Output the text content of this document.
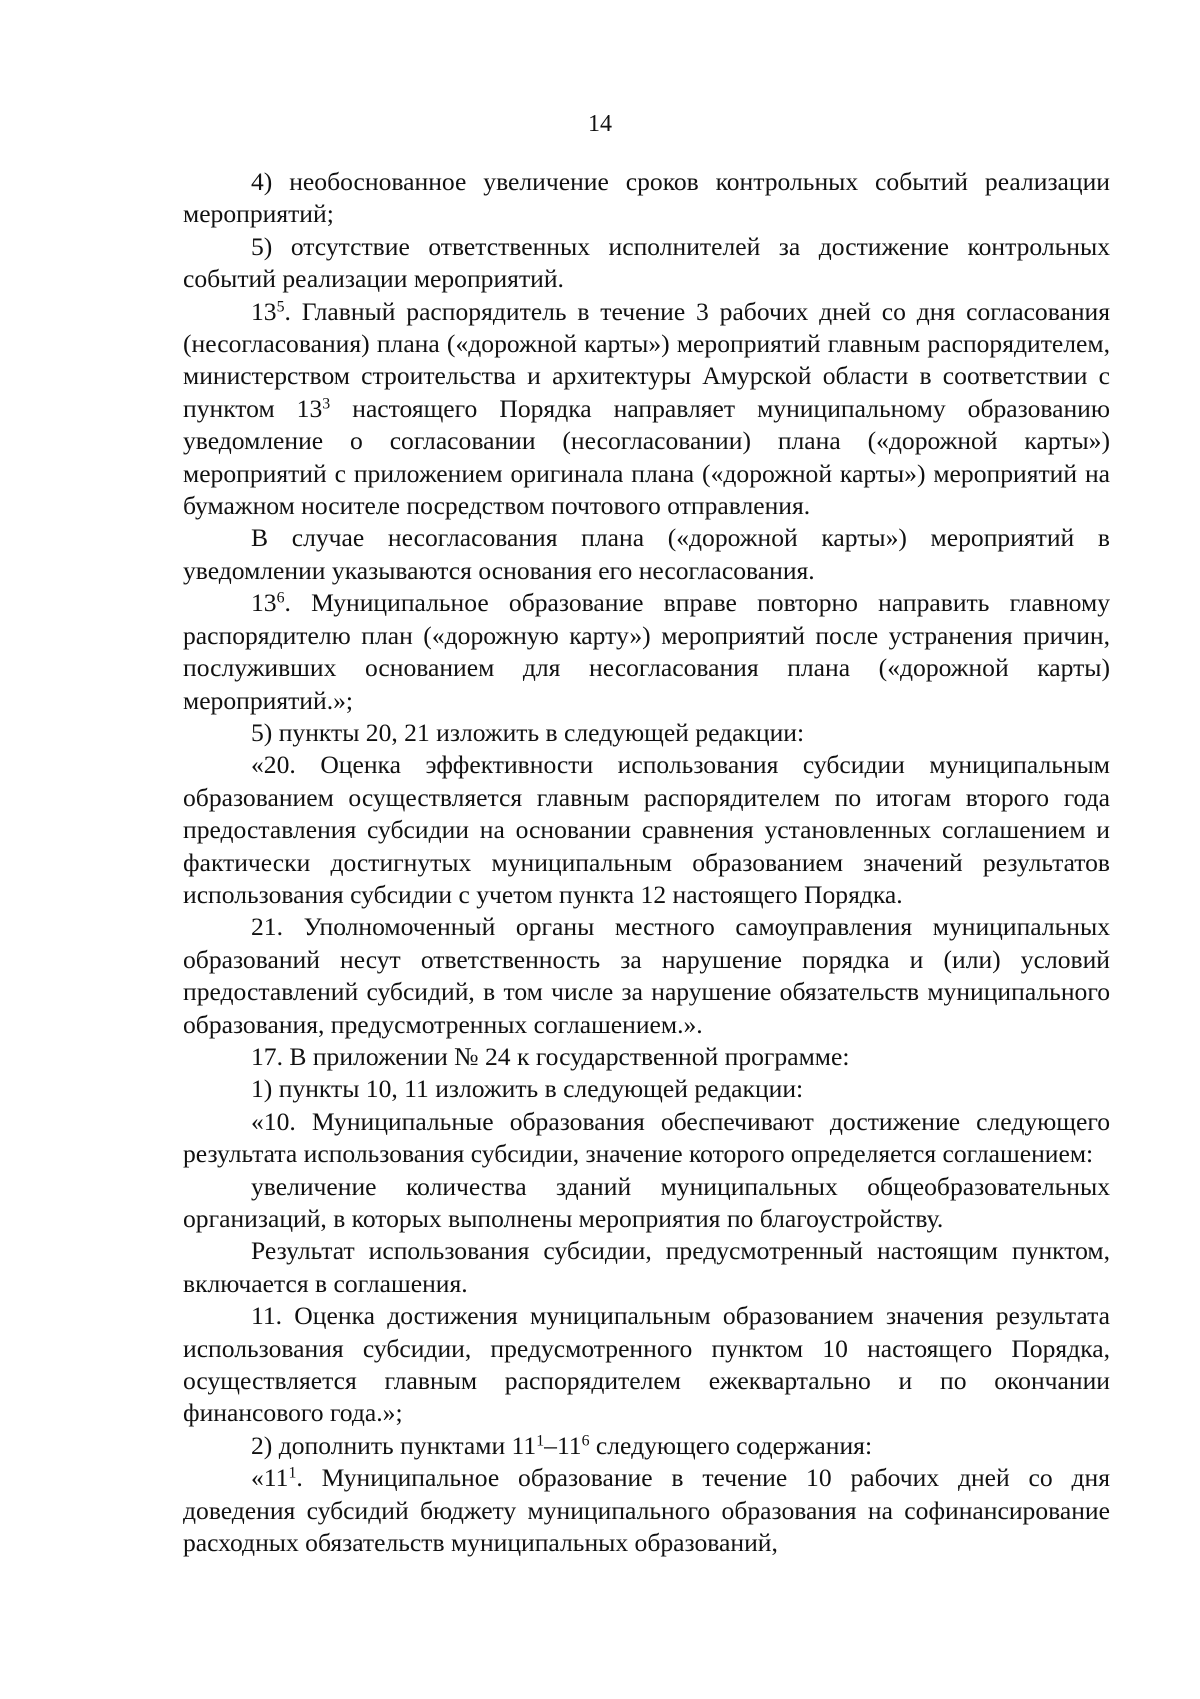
14

4) необоснованное увеличение сроков контрольных событий реализации мероприятий;

5) отсутствие ответственных исполнителей за достижение контрольных событий реализации мероприятий.

$13^5$. Главный распорядитель в течение 3 рабочих дней со дня согласования (несогласования) плана («дорожной карты») мероприятий главным распорядителем, министерством строительства и архитектуры Амурской области в соответствии с пунктом $13^3$ настоящего Порядка направляет муниципальному образованию уведомление о согласовании (несогласовании) плана («дорожной карты») мероприятий с приложением оригинала плана («дорожной карты») мероприятий на бумажном носителе посредством почтового отправления.

В случае несогласования плана («дорожной карты») мероприятий в уведомлении указываются основания его несогласования.

$13^6$. Муниципальное образование вправе повторно направить главному распорядителю план («дорожную карту») мероприятий после устранения причин, послуживших основанием для несогласования плана («дорожной карты) мероприятий.»;

5) пункты 20, 21 изложить в следующей редакции:

«20. Оценка эффективности использования субсидии муниципальным образованием осуществляется главным распорядителем по итогам второго года предоставления субсидии на основании сравнения установленных соглашением и фактически достигнутых муниципальным образованием значений результатов использования субсидии с учетом пункта 12 настоящего Порядка.

21. Уполномоченный органы местного самоуправления муниципальных образований несут ответственность за нарушение порядка и (или) условий предоставлений субсидий, в том числе за нарушение обязательств муниципального образования, предусмотренных соглашением.».

17. В приложении № 24 к государственной программе:

1) пункты 10, 11 изложить в следующей редакции:

«10. Муниципальные образования обеспечивают достижение следующего результата использования субсидии, значение которого определяется соглашением:

увеличение количества зданий муниципальных общеобразовательных организаций, в которых выполнены мероприятия по благоустройству.

Результат использования субсидии, предусмотренный настоящим пунктом, включается в соглашения.

11. Оценка достижения муниципальным образованием значения результата использования субсидии, предусмотренного пунктом 10 настоящего Порядка, осуществляется главным распорядителем ежеквартально и по окончании финансового года.»;

2) дополнить пунктами $11^1-11^6$ следующего содержания:

«$11^1$. Муниципальное образование в течение 10 рабочих дней со дня доведения субсидий бюджету муниципального образования на софинансирование расходных обязательств муниципальных образований,
